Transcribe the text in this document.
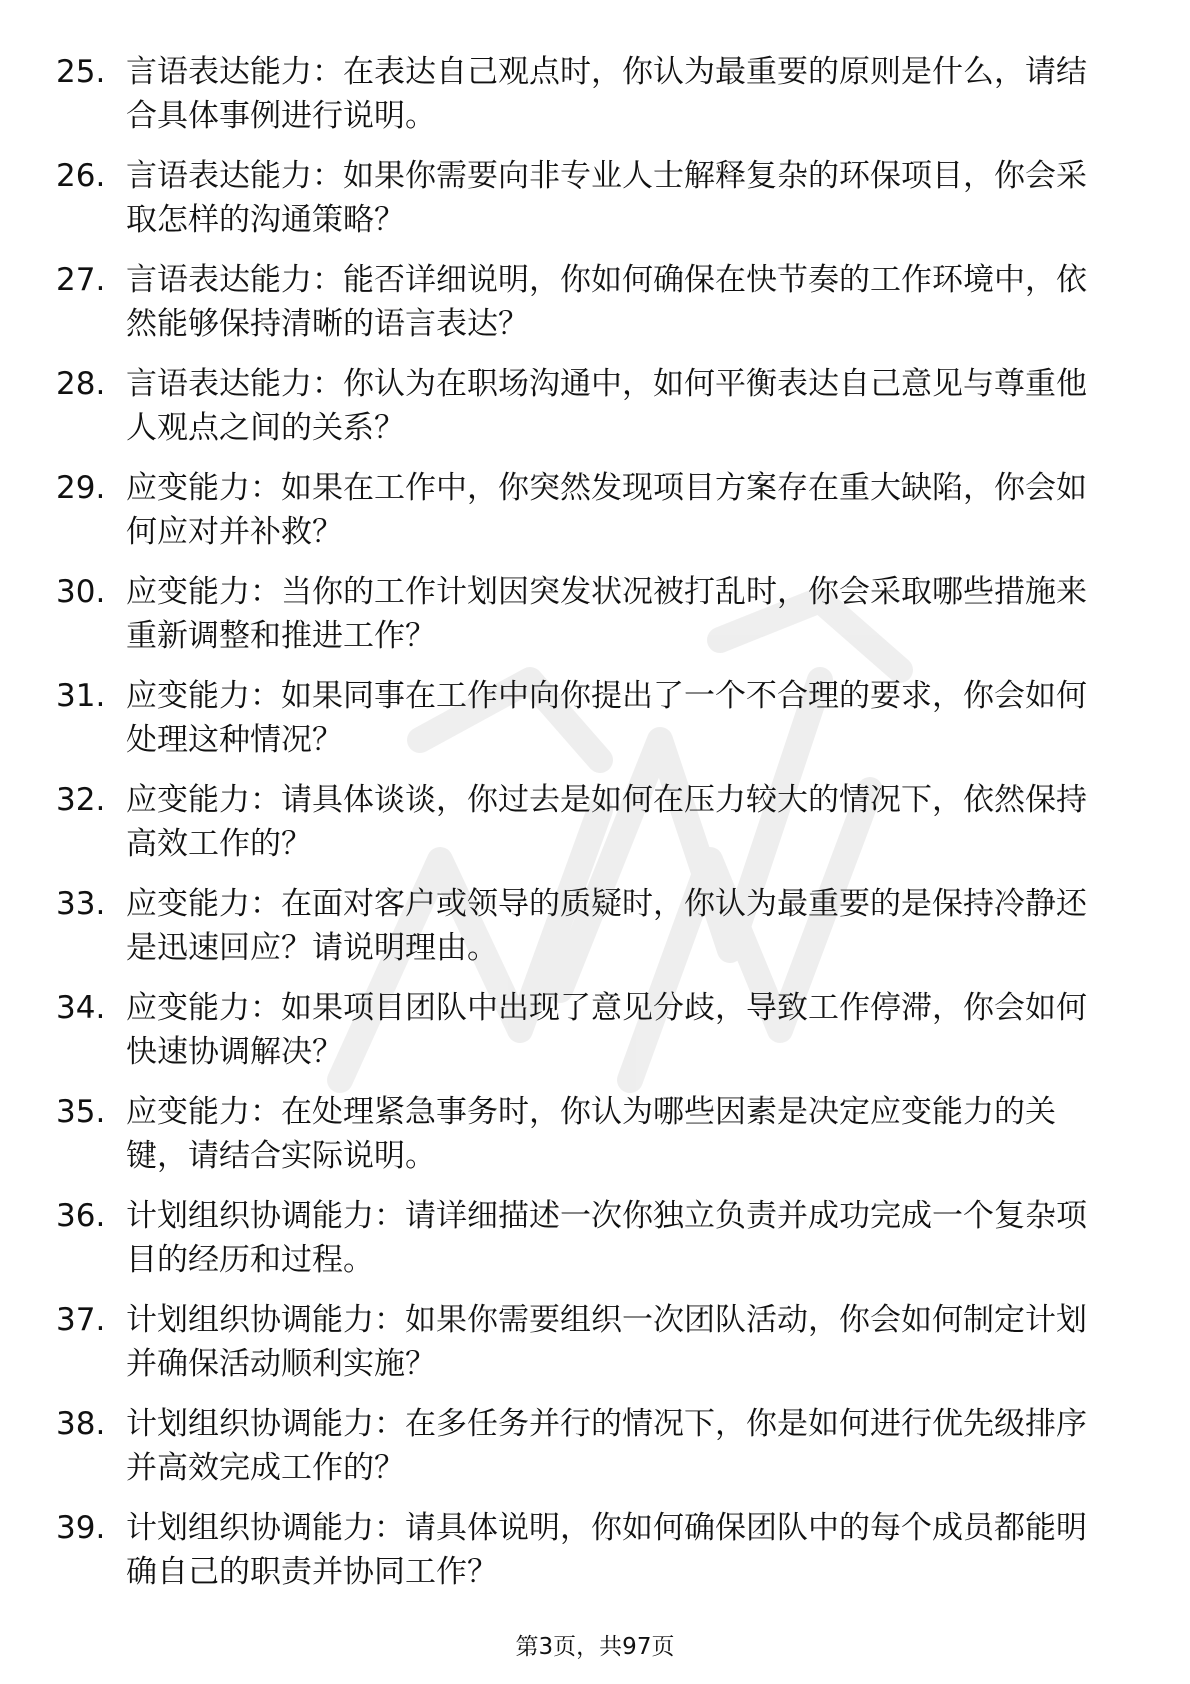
25. 言语表达能力：在表达自己观点时，你认为最重要的原则是什么，请结合具体事例进行说明。
26. 言语表达能力：如果你需要向非专业人士解释复杂的环保项目，你会采取怎样的沟通策略？
27. 言语表达能力：能否详细说明，你如何确保在快节奏的工作环境中，依然能够保持清晰的语言表达？
28. 言语表达能力：你认为在职场沟通中，如何平衡表达自己意见与尊重他人观点之间的关系？
29. 应变能力：如果在工作中，你突然发现项目方案存在重大缺陷，你会如何应对并补救？
30. 应变能力：当你的工作计划因突发状况被打乱时，你会采取哪些措施来重新调整和推进工作？
31. 应变能力：如果同事在工作中向你提出了一个不合理的要求，你会如何处理这种情况？
32. 应变能力：请具体谈谈，你过去是如何在压力较大的情况下，依然保持高效工作的？
33. 应变能力：在面对客户或领导的质疑时，你认为最重要的是保持冷静还是迅速回应？请说明理由。
34. 应变能力：如果项目团队中出现了意见分歧，导致工作停滞，你会如何快速协调解决？
35. 应变能力：在处理紧急事务时，你认为哪些因素是决定应变能力的关键，请结合实际说明。
36. 计划组织协调能力：请详细描述一次你独立负责并成功完成一个复杂项目的经历和过程。
37. 计划组织协调能力：如果你需要组织一次团队活动，你会如何制定计划并确保活动顺利实施？
38. 计划组织协调能力：在多任务并行的情况下，你是如何进行优先级排序并高效完成工作的？
39. 计划组织协调能力：请具体说明，你如何确保团队中的每个成员都能明确自己的职责并协同工作？
第3页，共97页
